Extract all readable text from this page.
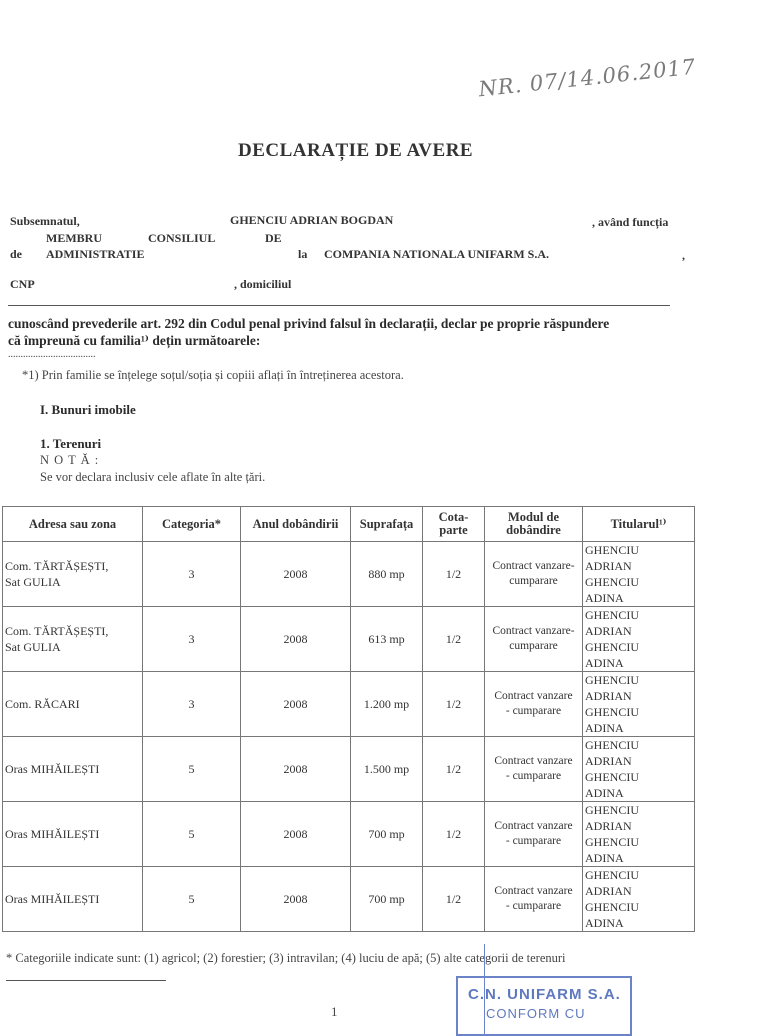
NR. 07/14.06.2017
DECLARAȚIE DE AVERE
Subsemnatul,	GHENCIU ADRIAN BOGDAN	, având funcția
MEMBRU	CONSILIUL	DE
de ADMINISTRATIE	la COMPANIA NATIONALA UNIFARM S.A.	,
CNP	, domiciliul
cunoscând prevederile art. 292 din Codul penal privind falsul în declarații, declar pe proprie răspundere
că împreună cu familia¹⁾ dețin următoarele:
...................................
*1) Prin familie se înțelege soțul/soția și copiii aflați în întreținerea acestora.
I. Bunuri imobile
1. Terenuri
N O T Ă :
Se vor declara inclusiv cele aflate în alte țări.
Adresa sau zona	Categoria*	Anul dobândirii	Suprafața	Cota-parte	Modul de dobândire	Titularul¹⁾
Com. TĂRTĂȘEȘTI,
Sat GULIA	3	2008	880 mp	1/2	Contract vanzare-
cumparare	GHENCIU
ADRIAN
GHENCIU
ADINA
Com. TĂRTĂȘEȘTI,
Sat GULIA	3	2008	613 mp	1/2	Contract vanzare-
cumparare	GHENCIU
ADRIAN
GHENCIU
ADINA
Com. RĂCARI	3	2008	1.200 mp	1/2	Contract vanzare
- cumparare	GHENCIU
ADRIAN
GHENCIU
ADINA
Oras MIHĂILEȘTI	5	2008	1.500 mp	1/2	Contract vanzare
- cumparare	GHENCIU
ADRIAN
GHENCIU
ADINA
Oras MIHĂILEȘTI	5	2008	700 mp	1/2	Contract vanzare
- cumparare	GHENCIU
ADRIAN
GHENCIU
ADINA
Oras MIHĂILEȘTI	5	2008	700 mp	1/2	Contract vanzare
- cumparare	GHENCIU
ADRIAN
GHENCIU
ADINA
* Categoriile indicate sunt: (1) agricol; (2) forestier; (3) intravilan; (4) luciu de apă; (5) alte categorii de terenuri
1
C.N. UNIFARM S.A.
CONFORM CU
